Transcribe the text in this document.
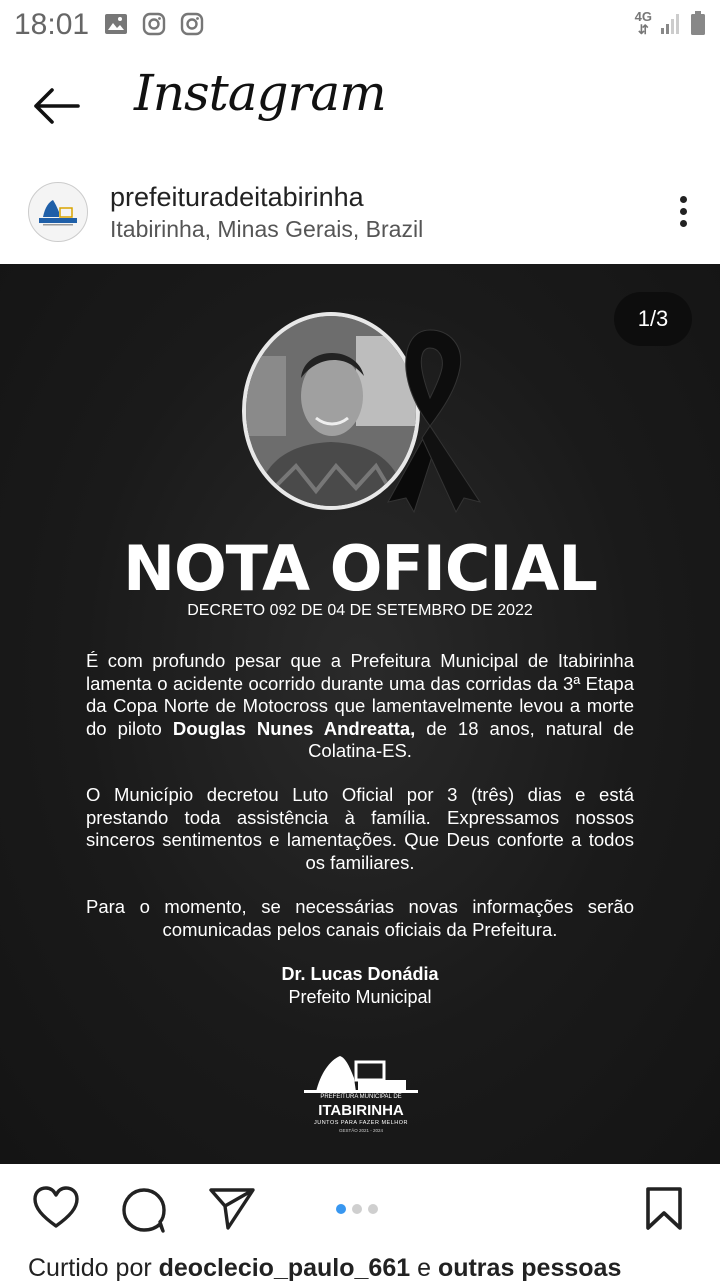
18:01	4G
⇵
Instagram
prefeituradeitabirinha
Itabirinha, Minas Gerais, Brazil
1/3
NOTA OFICIAL
DECRETO 092 DE 04 DE SETEMBRO DE 2022
É com profundo pesar que a Prefeitura Municipal de Itabirinha lamenta o acidente ocorrido durante uma das corridas da 3ª Etapa da Copa Norte de Motocross que lamentavelmente levou a morte do piloto Douglas Nunes Andreatta, de 18 anos, natural de Colatina-ES.
O Município decretou Luto Oficial por 3 (três) dias e está prestando toda assistência à família. Expressamos nossos sinceros sentimentos e lamentações. Que Deus conforte a todos os familiares.
Para o momento, se necessárias novas informações serão comunicadas pelos canais oficiais da Prefeitura.
Dr. Lucas Donádia
Prefeito Municipal
PREFEITURA MUNICIPAL DE
ITABIRINHA
JUNTOS PARA FAZER MELHOR
GESTÃO 2021 - 2024
Curtido por deoclecio_paulo_661 e outras pessoas
